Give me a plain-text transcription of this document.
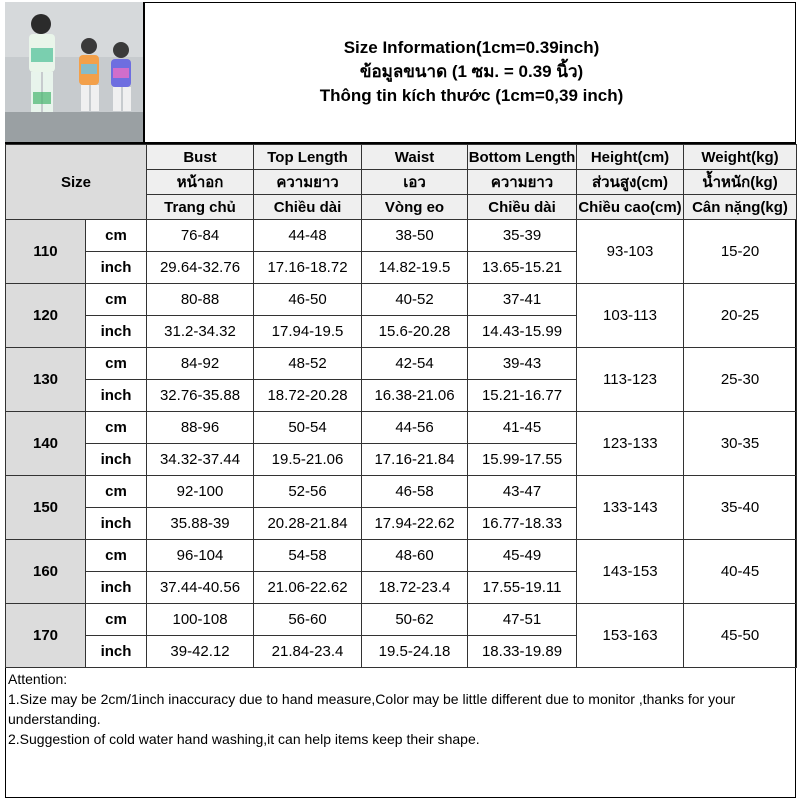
Size Information(1cm=0.39inch)
ข้อมูลขนาด (1 ซม. = 0.39 นิ้ว)
Thông tin kích thước (1cm=0,39 inch)
Size		Bust	Top Length	Waist	Bottom Length	Height(cm)	Weight(kg)
		หน้าอก	ความยาว	เอว	ความยาว	ส่วนสูง(cm)	น้ำหนัก(kg)
		Trang chủ	Chiều dài	Vòng eo	Chiều dài	Chiều cao(cm)	Cân nặng(kg)
110	cm	76-84	44-48	38-50	35-39	93-103	15-20
	inch	29.64-32.76	17.16-18.72	14.82-19.5	13.65-15.21		
120	cm	80-88	46-50	40-52	37-41	103-113	20-25
	inch	31.2-34.32	17.94-19.5	15.6-20.28	14.43-15.99		
130	cm	84-92	48-52	42-54	39-43	113-123	25-30
	inch	32.76-35.88	18.72-20.28	16.38-21.06	15.21-16.77		
140	cm	88-96	50-54	44-56	41-45	123-133	30-35
	inch	34.32-37.44	19.5-21.06	17.16-21.84	15.99-17.55		
150	cm	92-100	52-56	46-58	43-47	133-143	35-40
	inch	35.88-39	20.28-21.84	17.94-22.62	16.77-18.33		
160	cm	96-104	54-58	48-60	45-49	143-153	40-45
	inch	37.44-40.56	21.06-22.62	18.72-23.4	17.55-19.11		
170	cm	100-108	56-60	50-62	47-51	153-163	45-50
	inch	39-42.12	21.84-23.4	19.5-24.18	18.33-19.89		
Attention:
1.Size may be 2cm/1inch inaccuracy due to hand measure,Color may be little different due to monitor ,thanks for your
understanding.
2.Suggestion of cold water hand washing,it can help items keep their shape.
